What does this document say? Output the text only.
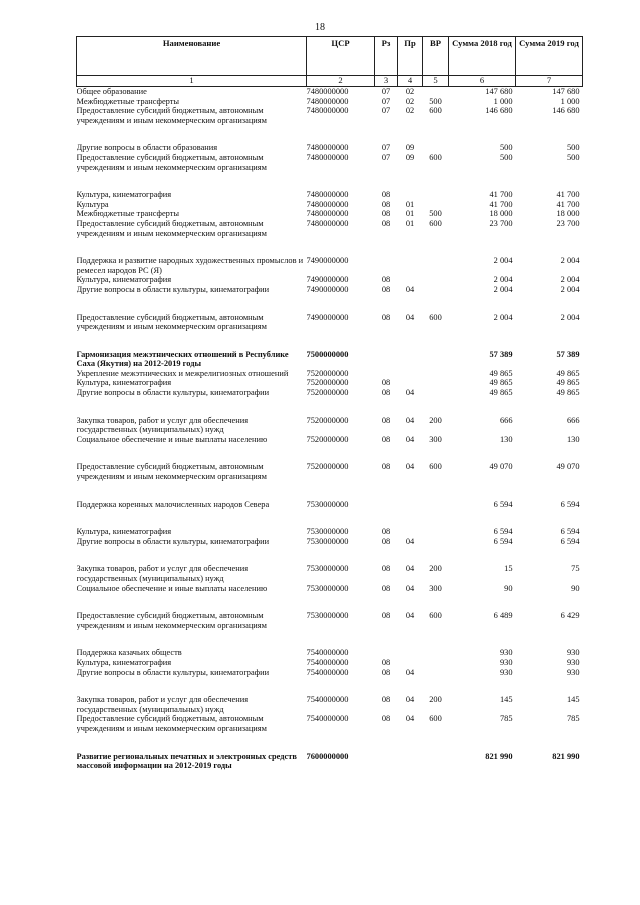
18
Наименование	ЦСР	Рз	Пр	ВР	Сумма 2018 год	Сумма 2019 год
1	2	3	4	5	6	7
Общее образование	7480000000	07	02		147 680	147 680
Межбюджетные трансферты	7480000000	07	02	500	1 000	1 000
Предоставление субсидий бюджетным, автономным учреждениям и иным некоммерческим организациям	7480000000	07	02	600	146 680	146 680

Другие вопросы в области образования	7480000000	07	09		500	500
Предоставление субсидий бюджетным, автономным учреждениям и иным некоммерческим организациям	7480000000	07	09	600	500	500

Культура, кинематография	7480000000	08			41 700	41 700
Культура	7480000000	08	01		41 700	41 700
Межбюджетные трансферты	7480000000	08	01	500	18 000	18 000
Предоставление субсидий бюджетным, автономным учреждениям и иным некоммерческим организациям	7480000000	08	01	600	23 700	23 700

Поддержка и развитие народных художественных промыслов и ремесел народов РС (Я)	7490000000				2 004	2 004
Культура, кинематография	7490000000	08			2 004	2 004
Другие вопросы в области культуры, кинематографии	7490000000	08	04		2 004	2 004

Предоставление субсидий бюджетным, автономным учреждениям и иным некоммерческим организациям	7490000000	08	04	600	2 004	2 004

Гармонизация межэтнических отношений в Республике Саха (Якутия) на 2012-2019 годы	7500000000				57 389	57 389
Укрепление межэтнических и межрелигиозных отношений	7520000000				49 865	49 865
Культура, кинематография	7520000000	08			49 865	49 865
Другие вопросы в области культуры, кинематографии	7520000000	08	04		49 865	49 865

Закупка товаров, работ и услуг для обеспечения государственных (муниципальных) нужд	7520000000	08	04	200	666	666
Социальное обеспечение и иные выплаты населению	7520000000	08	04	300	130	130

Предоставление субсидий бюджетным, автономным учреждениям и иным некоммерческим организациям	7520000000	08	04	600	49 070	49 070

Поддержка коренных малочисленных народов Севера	7530000000				6 594	6 594

Культура, кинематография	7530000000	08			6 594	6 594
Другие вопросы в области культуры, кинематографии	7530000000	08	04		6 594	6 594

Закупка товаров, работ и услуг для обеспечения государственных (муниципальных) нужд	7530000000	08	04	200	15	75
Социальное обеспечение и иные выплаты населению	7530000000	08	04	300	90	90

Предоставление субсидий бюджетным, автономным учреждениям и иным некоммерческим организациям	7530000000	08	04	600	6 489	6 429

Поддержка казачьих обществ	7540000000				930	930
Культура, кинематография	7540000000	08			930	930
Другие вопросы в области культуры, кинематографии	7540000000	08	04		930	930

Закупка товаров, работ и услуг для обеспечения государственных (муниципальных) нужд	7540000000	08	04	200	145	145
Предоставление субсидий бюджетным, автономным учреждениям и иным некоммерческим организациям	7540000000	08	04	600	785	785

Развитие региональных печатных и электронных средств массовой информации на 2012-2019 годы	7600000000				821 990	821 990
